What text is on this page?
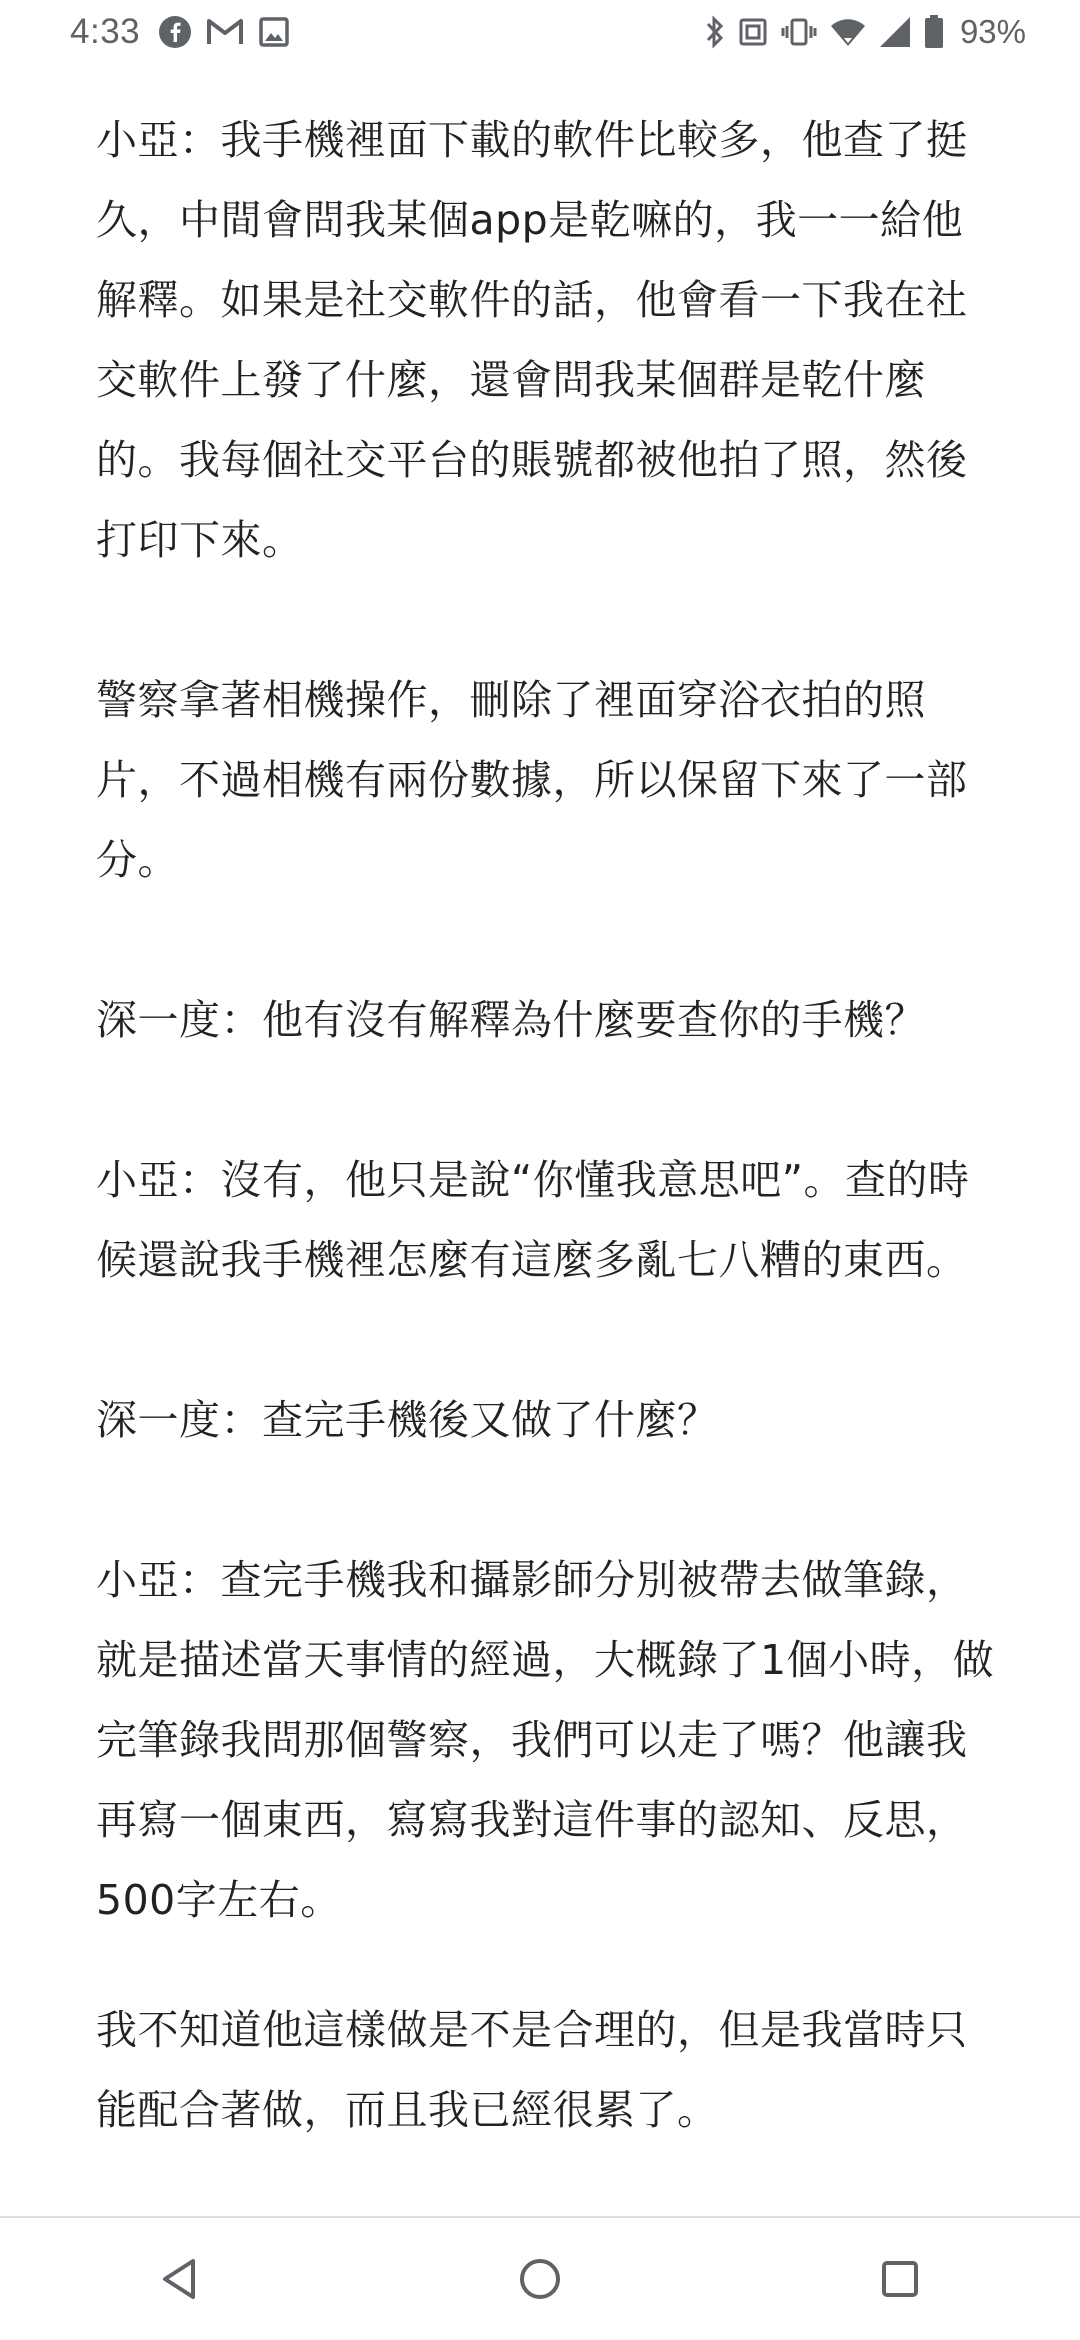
4:33	93%

小亞：我手機裡面下載的軟件比較多，他查了挺久，中間會問我某個app是乾嘛的，我一一給他解釋。如果是社交軟件的話，他會看一下我在社交軟件上發了什麼，還會問我某個群是乾什麼的。我每個社交平台的賬號都被他拍了照，然後打印下來。

警察拿著相機操作，刪除了裡面穿浴衣拍的照片，不過相機有兩份數據，所以保留下來了一部分。

深一度：他有沒有解釋為什麼要查你的手機？

小亞：沒有，他只是說“你懂我意思吧”。查的時候還說我手機裡怎麼有這麼多亂七八糟的東西。

深一度：查完手機後又做了什麼？

小亞：查完手機我和攝影師分別被帶去做筆錄，就是描述當天事情的經過，大概錄了1個小時，做完筆錄我問那個警察，我們可以走了嗎？他讓我再寫一個東西，寫寫我對這件事的認知、反思，500字左右。

我不知道他這樣做是不是合理的，但是我當時只能配合著做，而且我已經很累了。
